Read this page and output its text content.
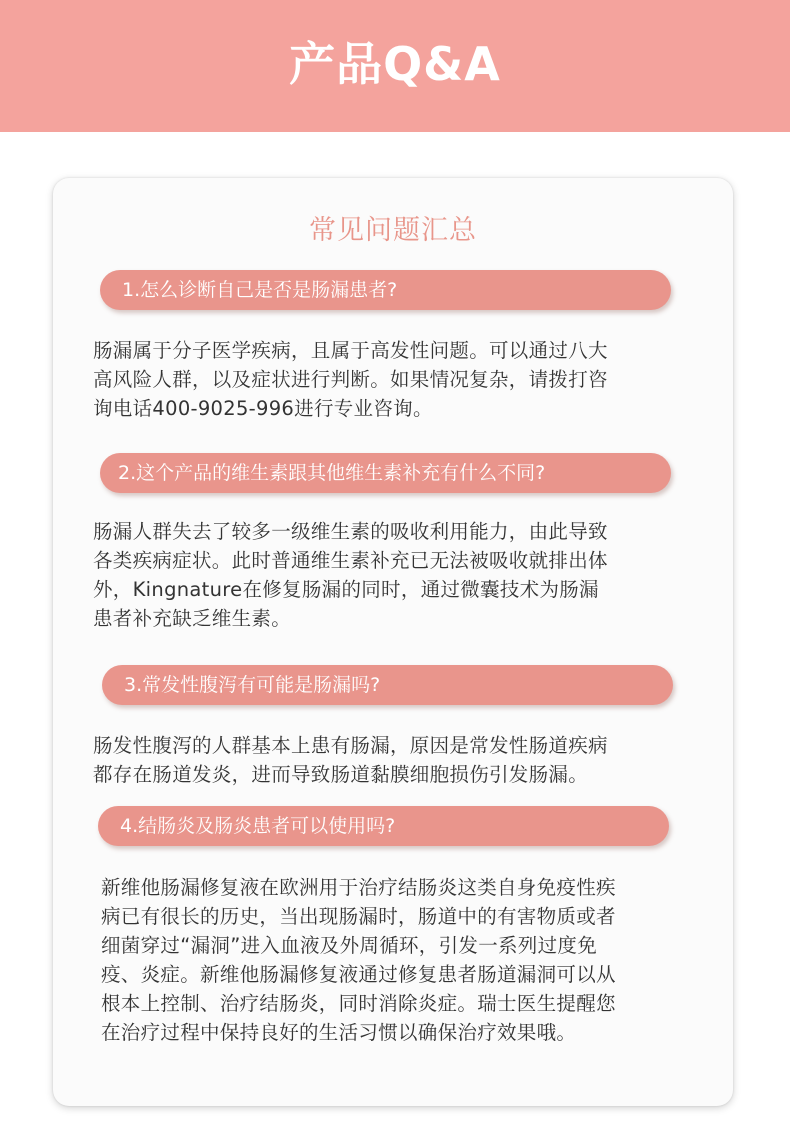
产品Q&A
常见问题汇总
1.怎么诊断自己是否是肠漏患者?
肠漏属于分子医学疾病，且属于高发性问题。可以通过八大
高风险人群，以及症状进行判断。如果情况复杂，请拨打咨
询电话400-9025-996进行专业咨询。
2.这个产品的维生素跟其他维生素补充有什么不同?
肠漏人群失去了较多一级维生素的吸收利用能力，由此导致
各类疾病症状。此时普通维生素补充已无法被吸收就排出体
外，Kingnature在修复肠漏的同时，通过微囊技术为肠漏
患者补充缺乏维生素。
3.常发性腹泻有可能是肠漏吗?
肠发性腹泻的人群基本上患有肠漏，原因是常发性肠道疾病
都存在肠道发炎，进而导致肠道黏膜细胞损伤引发肠漏。
4.结肠炎及肠炎患者可以使用吗?
新维他肠漏修复液在欧洲用于治疗结肠炎这类自身免疫性疾
病已有很长的历史，当出现肠漏时，肠道中的有害物质或者
细菌穿过“漏洞”进入血液及外周循环，引发一系列过度免
疫、炎症。新维他肠漏修复液通过修复患者肠道漏洞可以从
根本上控制、治疗结肠炎，同时消除炎症。瑞士医生提醒您
在治疗过程中保持良好的生活习惯以确保治疗效果哦。
